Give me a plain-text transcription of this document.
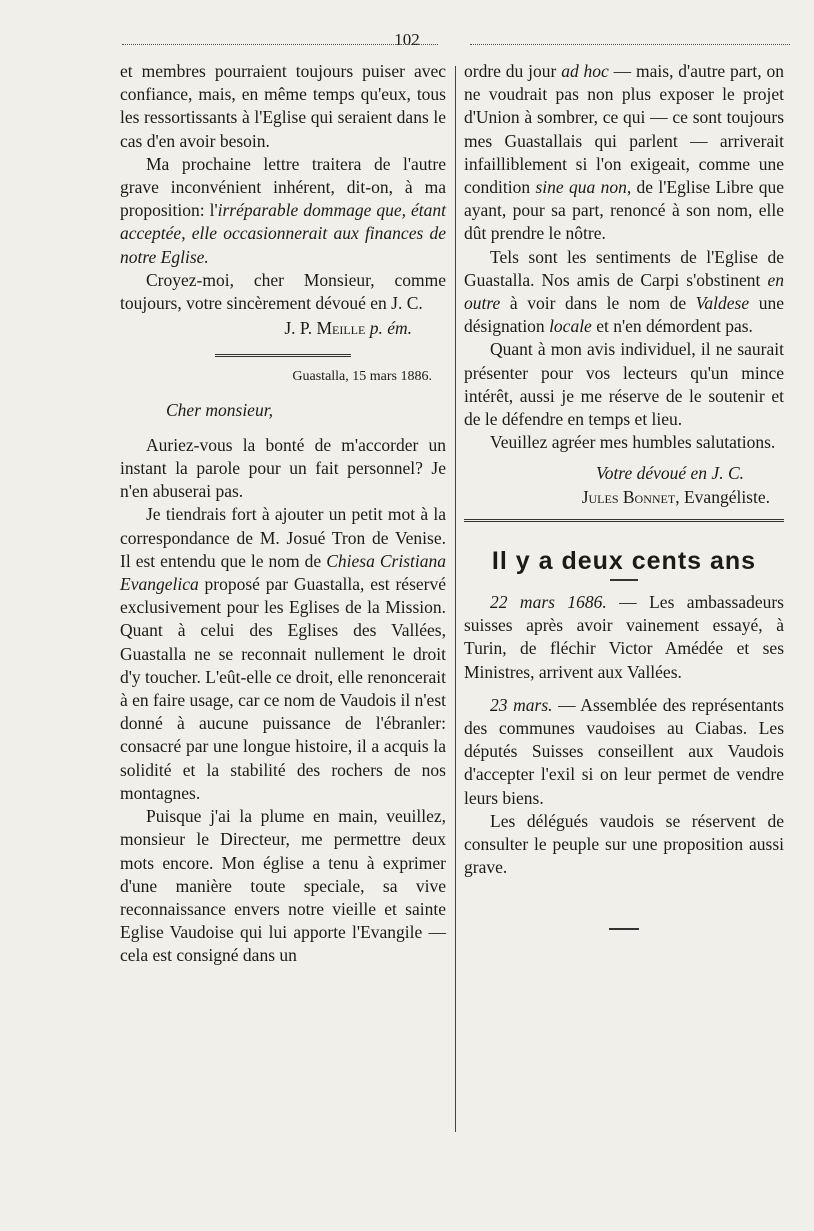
102

et membres pourraient toujours puiser avec confiance, mais, en même temps qu'eux, tous les ressortissants à l'Eglise qui seraient dans le cas d'en avoir besoin.

Ma prochaine lettre traitera de l'autre grave inconvénient inhérent, dit-on, à ma proposition: l'irréparable dommage que, étant acceptée, elle occasionnerait aux finances de notre Eglise.

Croyez-moi, cher Monsieur, comme toujours, votre sincèrement dévoué en J. C.

J. P. Meille p. ém.

Guastalla, 15 mars 1886.

Cher monsieur,

Auriez-vous la bonté de m'accorder un instant la parole pour un fait personnel? Je n'en abuserai pas.

Je tiendrais fort à ajouter un petit mot à la correspondance de M. Josué Tron de Venise. Il est entendu que le nom de Chiesa Cristiana Evangelica proposé par Guastalla, est réservé exclusivement pour les Eglises de la Mission. Quant à celui des Eglises des Vallées, Guastalla ne se reconnait nullement le droit d'y toucher. L'eût-elle ce droit, elle renoncerait à en faire usage, car ce nom de Vaudois il n'est donné à aucune puissance de l'ébranler: consacré par une longue histoire, il a acquis la solidité et la stabilité des rochers de nos montagnes.

Puisque j'ai la plume en main, veuillez, monsieur le Directeur, me permettre deux mots encore. Mon église a tenu à exprimer d'une manière toute speciale, sa vive reconnaissance envers notre vieille et sainte Eglise Vaudoise qui lui apporte l'Evangile — cela est consigné dans un

ordre du jour ad hoc — mais, d'autre part, on ne voudrait pas non plus exposer le projet d'Union à sombrer, ce qui — ce sont toujours mes Guastallais qui parlent — arriverait infailliblement si l'on exigeait, comme une condition sine qua non, de l'Eglise Libre que ayant, pour sa part, renoncé à son nom, elle dût prendre le nôtre.

Tels sont les sentiments de l'Eglise de Guastalla. Nos amis de Carpi s'obstinent en outre à voir dans le nom de Valdese une désignation locale et n'en démordent pas.

Quant à mon avis individuel, il ne saurait présenter pour vos lecteurs qu'un mince intérêt, aussi je me réserve de le soutenir et de le défendre en temps et lieu.

Veuillez agréer mes humbles salutations.

Votre dévoué en J. C.

Jules Bonnet, Evangéliste.

Il y a deux cents ans

22 mars 1686. — Les ambassadeurs suisses après avoir vainement essayé, à Turin, de fléchir Victor Amédée et ses Ministres, arrivent aux Vallées.

23 mars. — Assemblée des représentants des communes vaudoises au Ciabas. Les députés Suisses conseillent aux Vaudois d'accepter l'exil si on leur permet de vendre leurs biens.

Les délégués vaudois se réservent de consulter le peuple sur une proposition aussi grave.
